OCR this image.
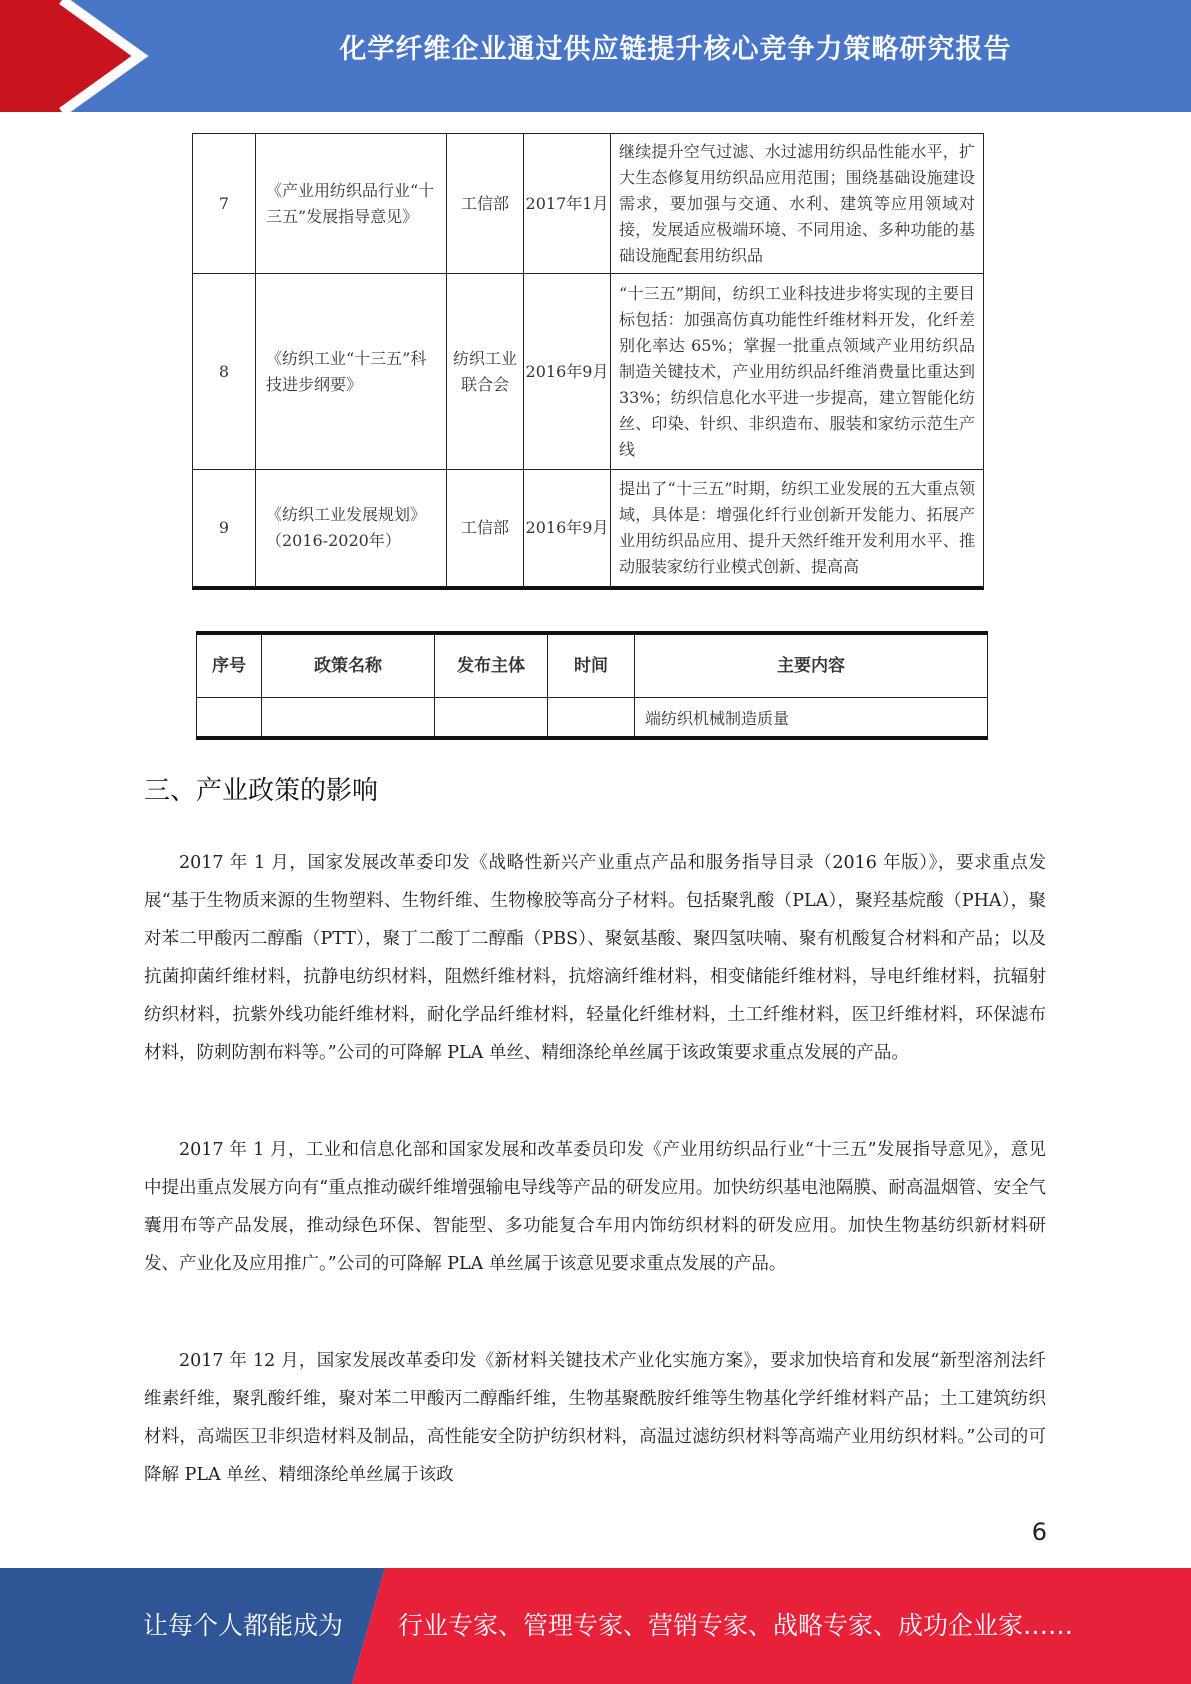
化学纤维企业通过供应链提升核心竞争力策略研究报告
7	《产业用纺织品行业“十三五”发展指导意见》	工信部	2017年1月	继续提升空气过滤、水过滤用纺织品性能水平，扩大生态修复用纺织品应用范围；围绕基础设施建设需求，要加强与交通、水利、建筑等应用领域对接，发展适应极端环境、不同用途、多种功能的基础设施配套用纺织品
8	《纺织工业“十三五”科技进步纲要》	纺织工业联合会	2016年9月	“十三五”期间，纺织工业科技进步将实现的主要目标包括：加强高仿真功能性纤维材料开发，化纤差别化率达 65%；掌握一批重点领域产业用纺织品制造关键技术，产业用纺织品纤维消费量比重达到 33%；纺织信息化水平进一步提高，建立智能化纺丝、印染、针织、非织造布、服装和家纺示范生产线
9	《纺织工业发展规划》（2016-2020年）	工信部	2016年9月	提出了“十三五”时期，纺织工业发展的五大重点领域，具体是：增强化纤行业创新开发能力、拓展产业用纺织品应用、提升天然纤维开发利用水平、推动服装家纺行业模式创新、提高高
序号	政策名称	发布主体	时间	主要内容
				端纺织机械制造质量
三、产业政策的影响

2017 年 1 月，国家发展改革委印发《战略性新兴产业重点产品和服务指导目录（2016 年版）》，要求重点发展“基于生物质来源的生物塑料、生物纤维、生物橡胶等高分子材料。包括聚乳酸（PLA），聚羟基烷酸（PHA），聚对苯二甲酸丙二醇酯（PTT），聚丁二酸丁二醇酯（PBS）、聚氨基酸、聚四氢呋喃、聚有机酸复合材料和产品；以及抗菌抑菌纤维材料，抗静电纺织材料，阻燃纤维材料，抗熔滴纤维材料，相变储能纤维材料，导电纤维材料，抗辐射纺织材料，抗紫外线功能纤维材料，耐化学品纤维材料，轻量化纤维材料，土工纤维材料，医卫纤维材料，环保滤布材料，防刺防割布料等。”公司的可降解 PLA 单丝、精细涤纶单丝属于该政策要求重点发展的产品。

2017 年 1 月，工业和信息化部和国家发展和改革委员印发《产业用纺织品行业“十三五”发展指导意见》，意见中提出重点发展方向有“重点推动碳纤维增强输电导线等产品的研发应用。加快纺织基电池隔膜、耐高温烟管、安全气囊用布等产品发展，推动绿色环保、智能型、多功能复合车用内饰纺织材料的研发应用。加快生物基纺织新材料研发、产业化及应用推广。”公司的可降解 PLA 单丝属于该意见要求重点发展的产品。

2017 年 12 月，国家发展改革委印发《新材料关键技术产业化实施方案》，要求加快培育和发展“新型溶剂法纤维素纤维，聚乳酸纤维，聚对苯二甲酸丙二醇酯纤维，生物基聚酰胺纤维等生物基化学纤维材料产品；土工建筑纺织材料，高端医卫非织造材料及制品，高性能安全防护纺织材料，高温过滤纺织材料等高端产业用纺织材料。”公司的可降解 PLA 单丝、精细涤纶单丝属于该政

6
让每个人都能成为 行业专家、管理专家、营销专家、战略专家、成功企业家……
